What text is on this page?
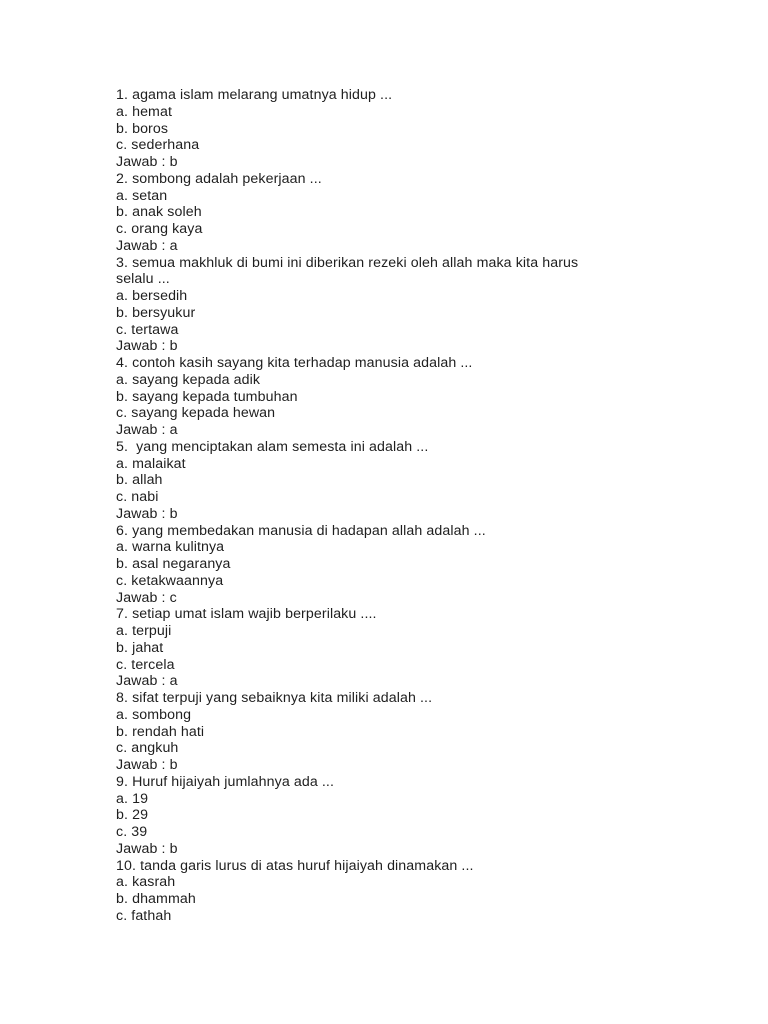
1. agama islam melarang umatnya hidup ...
a. hemat
b. boros
c. sederhana
Jawab : b
2. sombong adalah pekerjaan ...
a. setan
b. anak soleh
c. orang kaya
Jawab : a
3. semua makhluk di bumi ini diberikan rezeki oleh allah maka kita harus
selalu ...
a. bersedih
b. bersyukur
c. tertawa
Jawab : b
4. contoh kasih sayang kita terhadap manusia adalah ...
a. sayang kepada adik
b. sayang kepada tumbuhan
c. sayang kepada hewan
Jawab : a
5.  yang menciptakan alam semesta ini adalah ...
a. malaikat
b. allah
c. nabi
Jawab : b
6. yang membedakan manusia di hadapan allah adalah ...
a. warna kulitnya
b. asal negaranya
c. ketakwaannya
Jawab : c
7. setiap umat islam wajib berperilaku ....
a. terpuji
b. jahat
c. tercela
Jawab : a
8. sifat terpuji yang sebaiknya kita miliki adalah ...
a. sombong
b. rendah hati
c. angkuh
Jawab : b
9. Huruf hijaiyah jumlahnya ada ...
a. 19
b. 29
c. 39
Jawab : b
10. tanda garis lurus di atas huruf hijaiyah dinamakan ...
a. kasrah
b. dhammah
c. fathah
